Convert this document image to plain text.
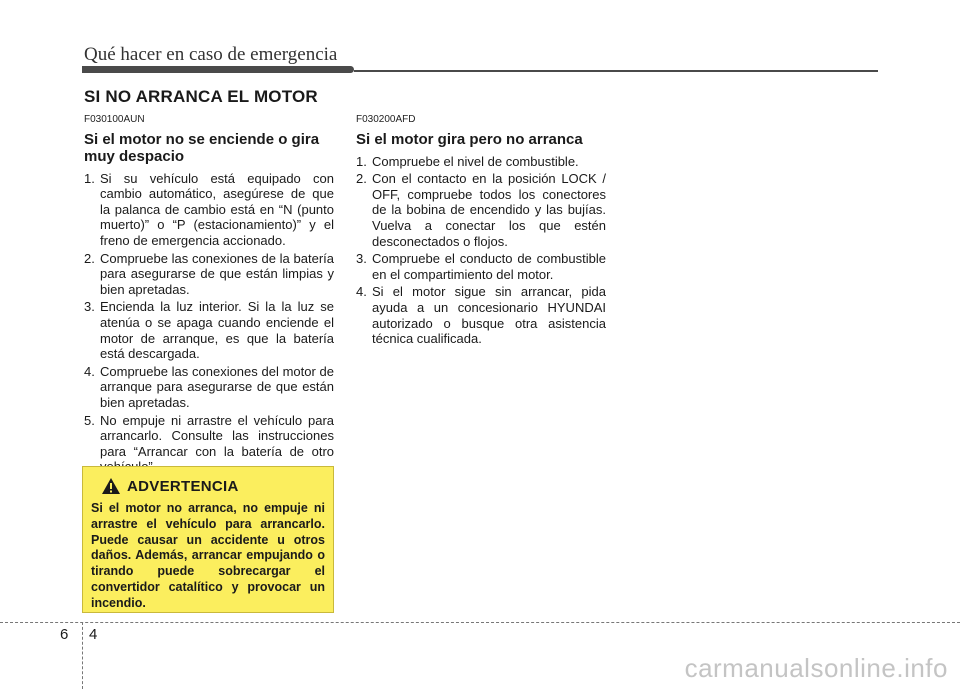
Qué hacer en caso de emergencia
SI NO ARRANCA EL MOTOR
F030100AUN
Si el motor no se enciende o gira muy despacio
1. Si su vehículo está equipado con cambio automático, asegúrese de que la palanca de cambio está en “N (punto muerto)” o “P (estacionamiento)” y el freno de emergencia accionado.
2. Compruebe las conexiones de la batería para asegurarse de que están limpias y bien apretadas.
3. Encienda la luz interior. Si la la luz se atenúa o se apaga cuando enciende el motor de arranque, es que la batería está descargada.
4. Compruebe las conexiones del motor de arranque para asegurarse de que están bien apretadas.
5. No empuje ni arrastre el vehículo para arrancarlo. Consulte las instrucciones para “Arrancar con la batería de otro
F030200AFD
Si el motor gira pero no arranca
1. Compruebe el nivel de combustible.
2. Con el contacto en la posición LOCK / OFF, compruebe todos los conectores de la bobina de encendido y las bujías. Vuelva a conectar los que estén desconectados o flojos.
3. Compruebe el conducto de combustible en el compartimiento del motor.
4. Si el motor sigue sin arrancar, pida ayuda a un concesionario HYUNDAI autorizado o busque otra asistencia técnica cualificada.
ADVERTENCIA
Si el motor no arranca, no empuje ni arrastre el vehículo para arrancarlo. Puede causar un accidente u otros daños. Además, arrancar empujando o tirando puede sobrecargar el convertidor catalítico y provocar un incendio.
6 4
carmanualsonline.info
